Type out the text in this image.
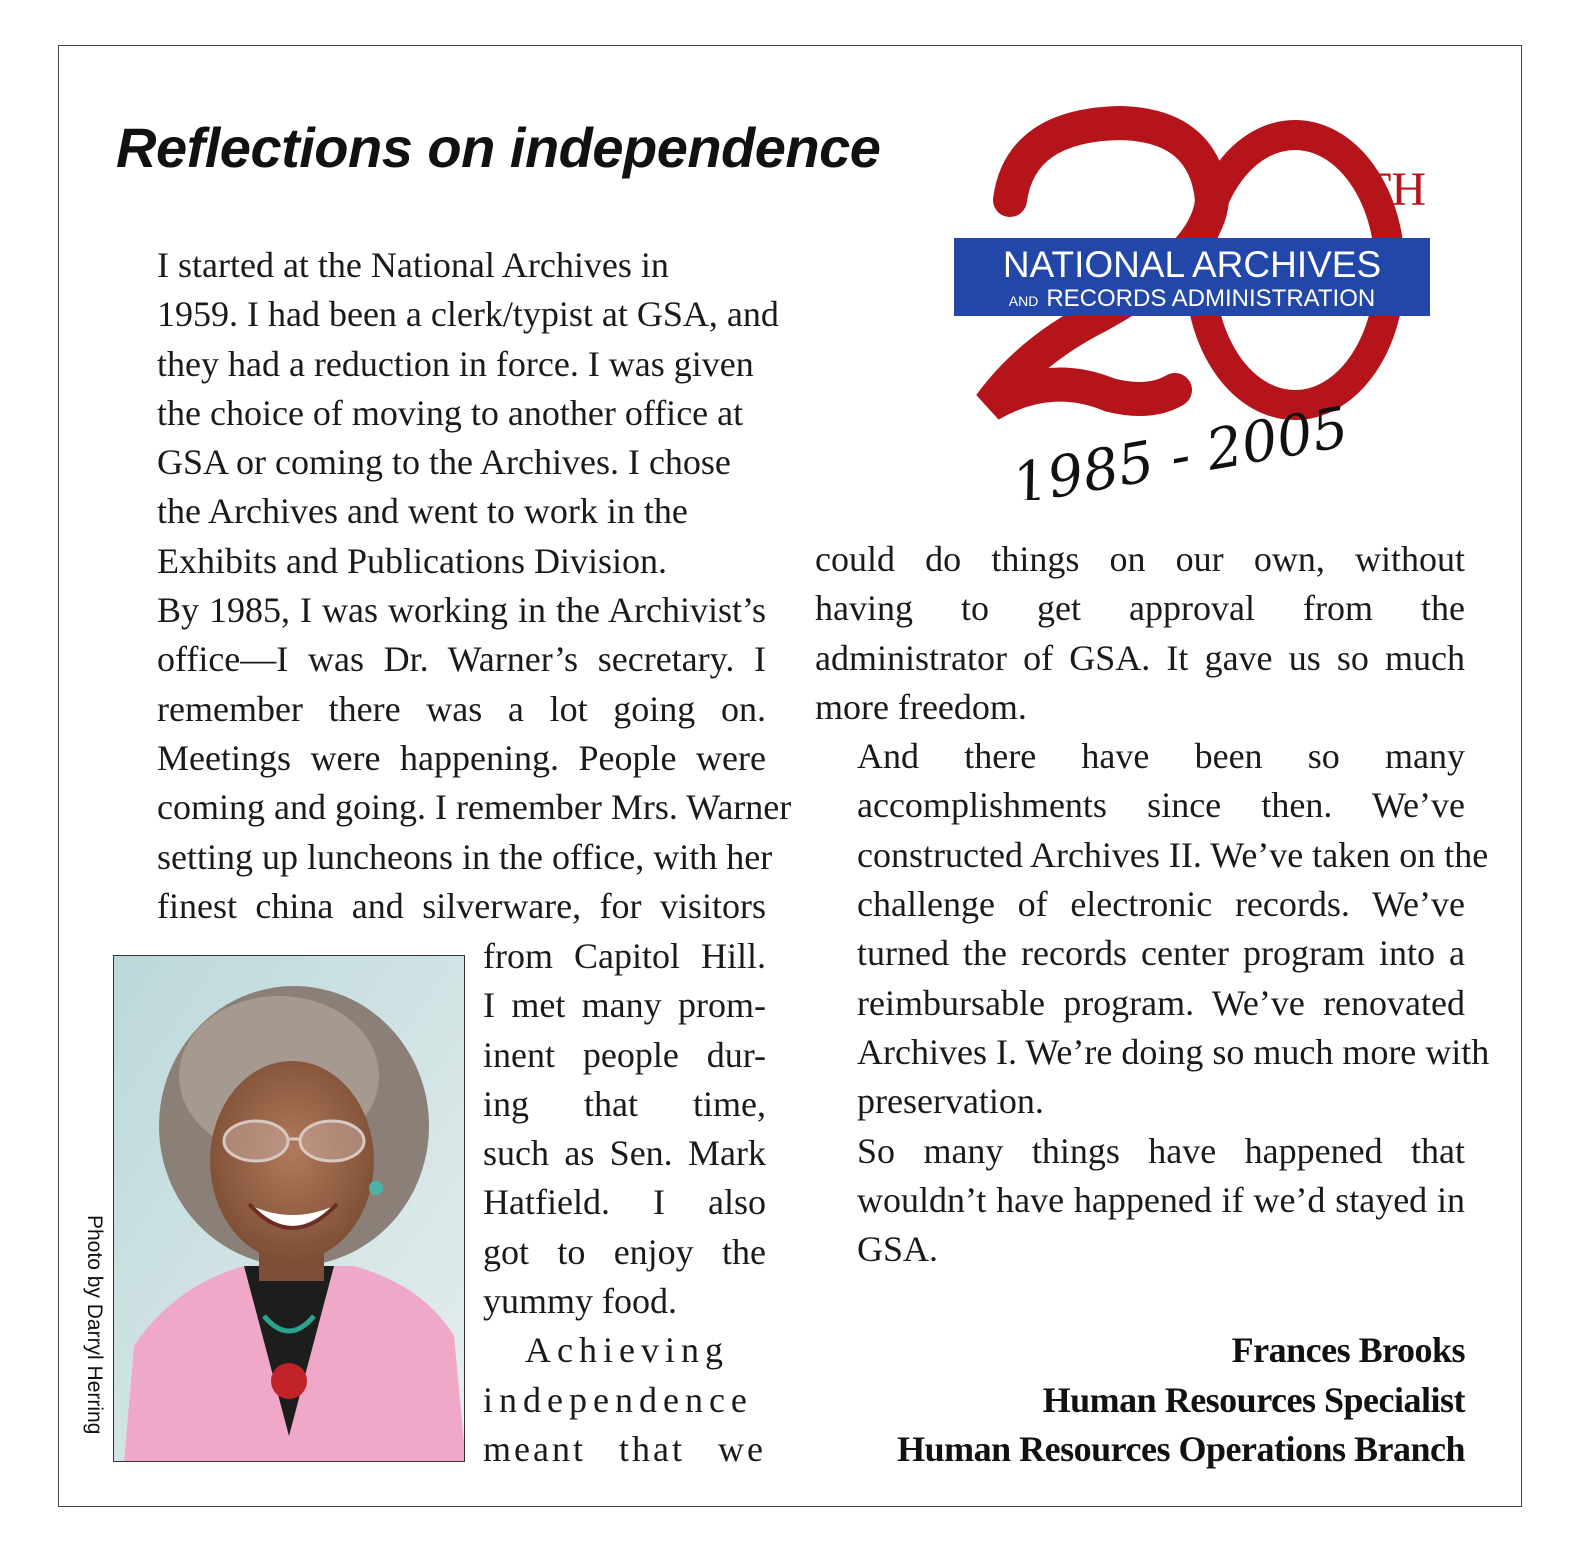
Reflections on independence

I started at the National Archives in
1959. I had been a clerk/typist at GSA, and
they had a reduction in force. I was given
the choice of moving to another office at
GSA or coming to the Archives. I chose
the Archives and went to work in the
Exhibits and Publications Division.

By 1985, I was working in the Archivist’s
office—I was Dr. Warner’s secretary. I
remember there was a lot going on.
Meetings were happening. People were
coming and going. I remember Mrs. Warner
setting up luncheons in the office, with her
finest china and silverware, for visitors

from Capitol Hill.
I met many prom-
inent people dur-
ing that time,
such as Sen. Mark
Hatfield. I also
got to enjoy the
yummy food.

Achieving
independence
meant that we

could do things on our own, without
having to get approval from the
administrator of GSA. It gave us so much
more freedom.

And there have been so many
accomplishments since then. We’ve
constructed Archives II. We’ve taken on the
challenge of electronic records. We’ve
turned the records center program into a
reimbursable program. We’ve renovated
Archives I. We’re doing so much more with
preservation.

So many things have happened that
wouldn’t have happened if we’d stayed in
GSA.

Photo by Darryl Herring
TH
NATIONAL ARCHIVES
AND RECORDS ADMINISTRATION
1985 - 2005
Frances Brooks
Human Resources Specialist
Human Resources Operations Branch
